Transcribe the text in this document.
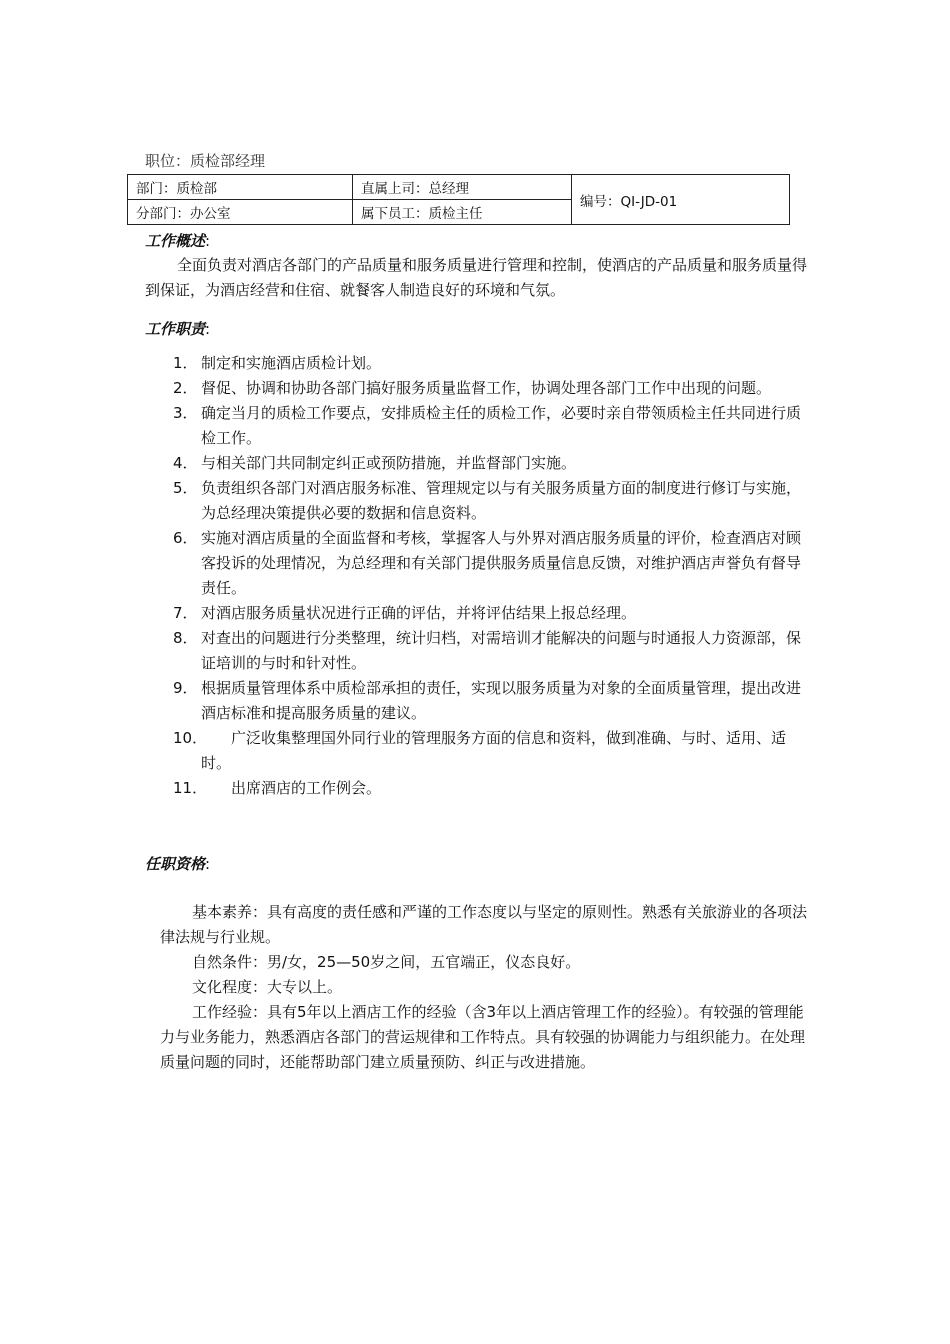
职位：质检部经理
部门：质检部	直属上司：总经理	编号：QI-JD-01
分部门：办公室	属下员工：质检主任	
工作概述:
全面负责对酒店各部门的产品质量和服务质量进行管理和控制，使酒店的产品质量和服务质量得到保证，为酒店经营和住宿、就餐客人制造良好的环境和气氛。
工作职责:
1． 制定和实施酒店质检计划。
2． 督促、协调和协助各部门搞好服务质量监督工作，协调处理各部门工作中出现的问题。
3． 确定当月的质检工作要点，安排质检主任的质检工作，必要时亲自带领质检主任共同进行质检工作。
4． 与相关部门共同制定纠正或预防措施，并监督部门实施。
5． 负责组织各部门对酒店服务标准、管理规定以与有关服务质量方面的制度进行修订与实施，为总经理决策提供必要的数据和信息资料。
6． 实施对酒店质量的全面监督和考核，掌握客人与外界对酒店服务质量的评价，检查酒店对顾客投诉的处理情况，为总经理和有关部门提供服务质量信息反馈，对维护酒店声誉负有督导责任。
7． 对酒店服务质量状况进行正确的评估，并将评估结果上报总经理。
8． 对查出的问题进行分类整理，统计归档，对需培训才能解决的问题与时通报人力资源部，保证培训的与时和针对性。
9． 根据质量管理体系中质检部承担的责任，实现以服务质量为对象的全面质量管理，提出改进酒店标准和提高服务质量的建议。
10． 广泛收集整理国外同行业的管理服务方面的信息和资料，做到准确、与时、适用、适时。
11． 出席酒店的工作例会。
任职资格:
基本素养：具有高度的责任感和严谨的工作态度以与坚定的原则性。熟悉有关旅游业的各项法律法规与行业规。
自然条件：男/女，25—50岁之间，五官端正，仪态良好。
文化程度：大专以上。
工作经验：具有5年以上酒店工作的经验（含3年以上酒店管理工作的经验）。有较强的管理能力与业务能力，熟悉酒店各部门的营运规律和工作特点。具有较强的协调能力与组织能力。在处理质量问题的同时，还能帮助部门建立质量预防、纠正与改进措施。
